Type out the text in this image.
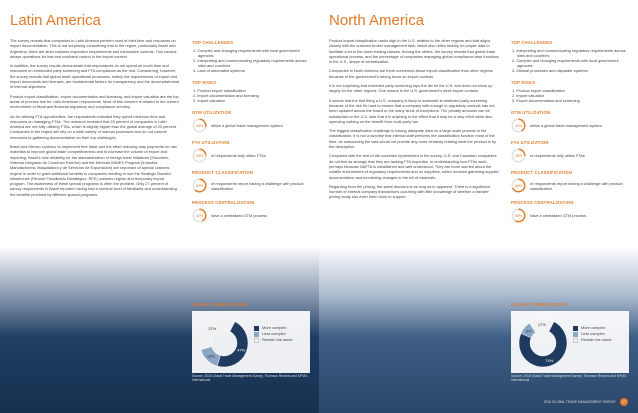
Latin America

The survey reveals that companies in Latin America perform most of their time and resources on import documentation. This is not surprising considering that in the region, particularly Brazil and Argentina, there are strict customs inspection requirements and exhaustive controls. This causes delays operations for fast and confident control in the import context.

In addition, the survey results demonstrate that respondents do not spend as much time and resources on embedded party screening and FTA compliance as the rest. Considering, however, the survey reveals that global trade operational processes, mainly the requirements of export and import documents and licenses, are fundamental factors for transparency and the accomplishment of internal objectives.

Product import classification, import documentation and licensing, and import valuation are the top areas of process risk for Latin American respondents. Most of this concern is related to the current environment of fiscal and financial regulatory and compliance scrutiny.

As for utilizing FTA opportunities, the respondents indicated they spend minimum time and resources on managing FTAs. The research revealed that 25 percent of companies in Latin America are not fully utilizing FTAs, which is slightly higher than the global average of 20 percent. Companies in the region still rely on a wide variety of manual processes and do not commit resources to gathering documentation on their top challenges.

Brazil and Mexico continue to implement free trade and the effort reducing duty payments on raw materials to improve global trade competitiveness and to increase the volume of export and importing. Brazil's new reliability for the standardization of foreign trade initiatives (Siscomex, Sistema Integrado de Comércio Exterior) and the Mexican IMMEX Program (Industria Manufacturera, Maquiladora y de Servicios de Exportación) are important of special customs regime in order to grant additional benefits to companies electing to use the Strategic Bonded Warehouse (Recinto Fiscalizado Estratégico, RFE) customs regime and temporary import program. The awareness of these special programs is often the problem. Only 27 percent of survey respondents in Brazil reported having had a nominal level of familiarity and understanding the benefits provided by different special programs.

TOP CHALLENGES
1. Complex and changing requirements with local government agencies
2. Interpreting and communicating regulatory requirements across sites and countries
3. Lack of automated systems
TOP RISKS
1. Product import classification
2. Import documentation and licensing
3. Import valuation
GTM UTILIZATION
28% utilize a global trade management system
FTA UTILIZATION
25% of respondents fully utilize FTAs
PRODUCT CLASSIFICATION
62%
of respondents report having a challenge with product classification
PROCESS CENTRALIZATION
42% have a centralized GTM process
GLOBAL TRADE OUTLOOK
47%
16%
37%	More complex
Less complex
Remain the same
Source: 2016 Global Trade Management Survey, Thomson Reuters and KPMG International
North America

Product import classification ranks high in the U.S. relative to the other regions and that aligns closely with the customs broker management task, which also relies heavily on proper data to facilitate a lot to the lower trading classes. Among the others, the survey reveals that global trade operational process, and the percentage of companies managing global compliance-wise functions in the U.S., shape of centralization.

Companies in North America are more concerned about export classification than other regions because of the government's strong focus on export controls.

It is not surprising that restricted party screening tops the list for the U.S. and does not show up largely for the other regions. One reason is the U.S. government's strict export controls.

It seems that the first thing a U.S. company is likely to automate is restricted party screening because of the risk it's hard to ensure that a company with enough in-regulatory controls has not been updated across the board or the many kinds of exceptions. The penalty amounts can be substantial on the U.S. side that it in anything to the effect that it may be a very effort while also spending nothing on the benefit from multi-party tax.

The biggest classification challenge is having adequate data on a large scale process in the classification. It is not a surprise that internal staff performs the classification function most of the time, as outsourcing the task would not provide any more certainty relating what the product is by the description.

Compared with the rest of the countries represented in the survey, U.S. and Canadian companies do not feel as strongly that they are lacking FTA expertise. In understanding how FTAs work, perhaps because NAFTA is established and well understood. They are more worried about the volatile environment of regulatory requirements and on suppliers, which involves gathering supplier documentation and monitoring changes to the bill of materials.

Regarding from the pricing, the same discount is as long as to apparent. There is a significant number of internal company transactions occurring with little knowledge of whether a transfer pricing study has even been done to support.

TOP CHALLENGES
1. Interpreting and communicating regulatory requirements across sites and countries
2. Complex and changing requirements with local government agencies
3. Manual processes and disparate systems
TOP RISKS
1. Product import classification
2. Import valuation
3. Export documentation and screening
GTM UTILIZATION
42% utilize a global trade management system
FTA UTILIZATION
26% of respondents fully utilize FTAs
PRODUCT CLASSIFICATION
68%
of respondents report having a challenge with product classification
PROCESS CENTRALIZATION
58% have a centralized GTM process
GLOBAL TRADE OUTLOOK
74%
9%
17%
More complex
Less complex
Remain the same
Source: 2016 Global Trade Management Survey, Thomson Reuters and KPMG International
2016 GLOBAL TRADE MANAGEMENT SURVEY	17
